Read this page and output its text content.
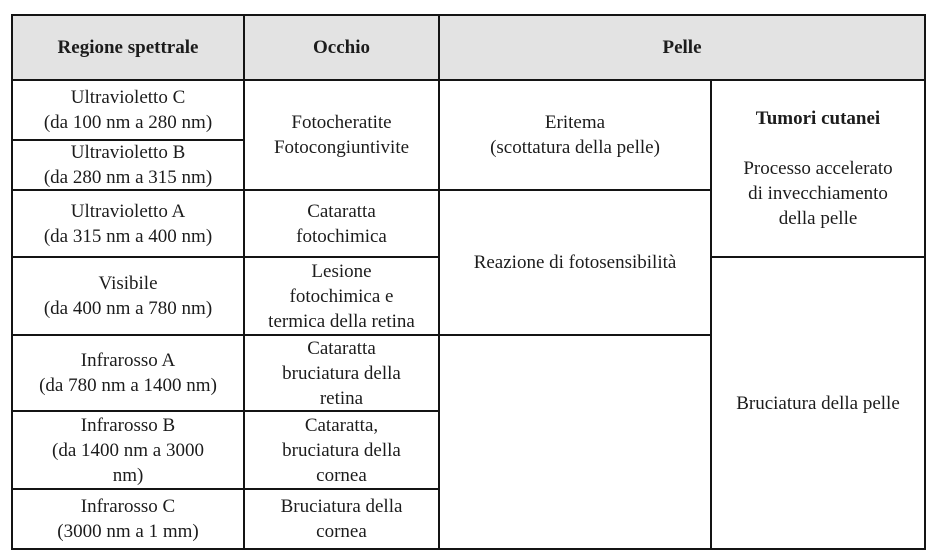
Regione spettrale	Occhio	Pelle
Ultravioletto C
(da 100 nm a 280 nm)
Ultravioletto B
(da 280 nm a 315 nm)
Ultravioletto A
(da 315 nm a 400 nm)
Visibile
(da 400 nm a 780 nm)
Infrarosso A
(da 780 nm a 1400 nm)
Infrarosso B
(da 1400 nm a 3000
nm)
Infrarosso C
(3000 nm a 1 mm)
Fotocheratite
Fotocongiuntivite
Cataratta
fotochimica
Lesione
fotochimica e
termica della retina
Cataratta
bruciatura della
retina
Cataratta,
bruciatura della
cornea
Bruciatura della
cornea
Eritema
(scottatura della pelle)
Reazione di fotosensibilità
Tumori cutanei
Processo accelerato
di invecchiamento
della pelle
Bruciatura della pelle
